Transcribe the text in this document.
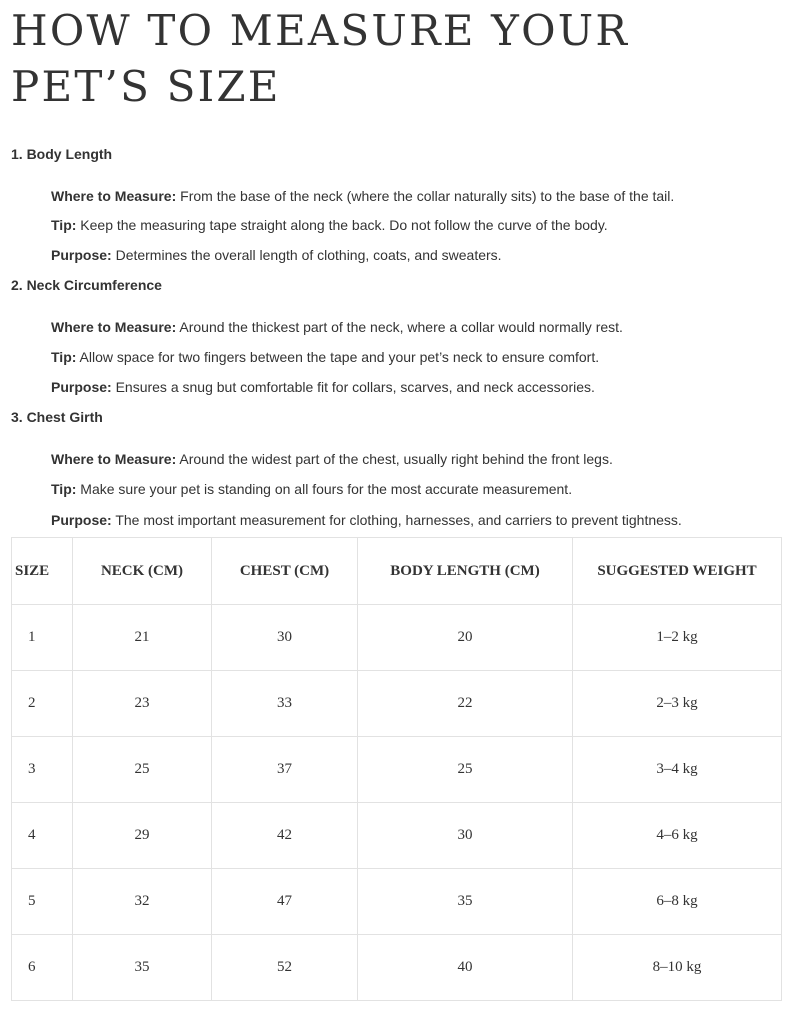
HOW TO MEASURE YOUR PET’S SIZE
1. Body Length

Where to Measure: From the base of the neck (where the collar naturally sits) to the base of the tail.

Tip: Keep the measuring tape straight along the back. Do not follow the curve of the body.

Purpose: Determines the overall length of clothing, coats, and sweaters.

2. Neck Circumference

Where to Measure: Around the thickest part of the neck, where a collar would normally rest.

Tip: Allow space for two fingers between the tape and your pet’s neck to ensure comfort.

Purpose: Ensures a snug but comfortable fit for collars, scarves, and neck accessories.

3. Chest Girth

Where to Measure: Around the widest part of the chest, usually right behind the front legs.

Tip: Make sure your pet is standing on all fours for the most accurate measurement.

Purpose: The most important measurement for clothing, harnesses, and carriers to prevent tightness.

SIZE	NECK (CM)	CHEST (CM)	BODY LENGTH (CM)	SUGGESTED WEIGHT
1	21	30	20	1–2 kg
2	23	33	22	2–3 kg
3	25	37	25	3–4 kg
4	29	42	30	4–6 kg
5	32	47	35	6–8 kg
6	35	52	40	8–10 kg
